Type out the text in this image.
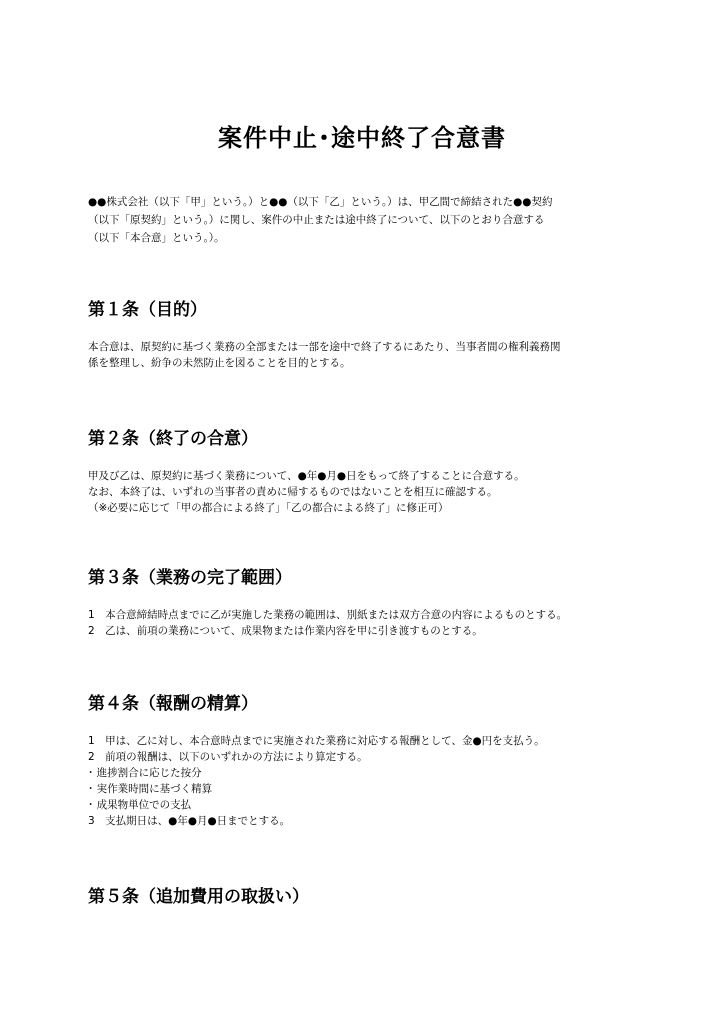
案件中止･途中終了合意書
●●株式会社（以下「甲」という。）と●●（以下「乙」という。）は、甲乙間で締結された●●契約
（以下「原契約」という。）に関し、案件の中止または途中終了について、以下のとおり合意する
（以下「本合意」という。）。
第１条（目的）
本合意は、原契約に基づく業務の全部または一部を途中で終了するにあたり、当事者間の権利義務関
係を整理し、紛争の未然防止を図ることを目的とする。
第２条（終了の合意）
甲及び乙は、原契約に基づく業務について、●年●月●日をもって終了することに合意する。
なお、本終了は、いずれの当事者の責めに帰するものではないことを相互に確認する。
（※必要に応じて「甲の都合による終了」「乙の都合による終了」に修正可）
第３条（業務の完了範囲）
1　本合意締結時点までに乙が実施した業務の範囲は、別紙または双方合意の内容によるものとする。
2　乙は、前項の業務について、成果物または作業内容を甲に引き渡すものとする。
第４条（報酬の精算）
1　甲は、乙に対し、本合意時点までに実施された業務に対応する報酬として、金●円を支払う。
2　前項の報酬は、以下のいずれかの方法により算定する。
･ 進捗割合に応じた按分
･ 実作業時間に基づく精算
･ 成果物単位での支払
3　支払期日は、●年●月●日までとする。
第５条（追加費用の取扱い）
